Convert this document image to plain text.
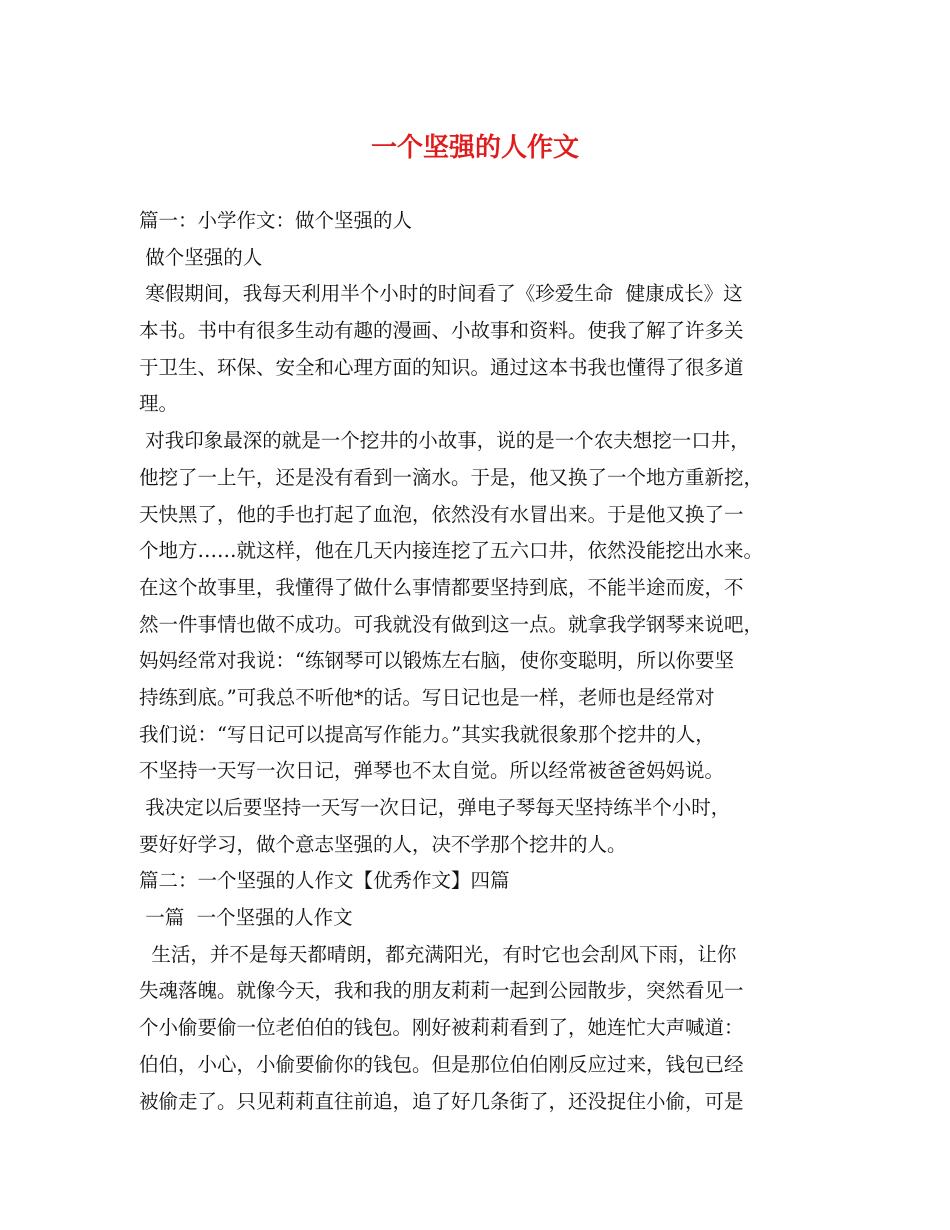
一个坚强的人作文
篇一：小学作文：做个坚强的人
做个坚强的人
寒假期间，我每天利用半个小时的时间看了《珍爱生命  健康成长》这
本书。书中有很多生动有趣的漫画、小故事和资料。使我了解了许多关
于卫生、环保、安全和心理方面的知识。通过这本书我也懂得了很多道
理。
对我印象最深的就是一个挖井的小故事，说的是一个农夫想挖一口井，
他挖了一上午，还是没有看到一滴水。于是，他又换了一个地方重新挖，
天快黑了，他的手也打起了血泡，依然没有水冒出来。于是他又换了一
个地方……就这样，他在几天内接连挖了五六口井，依然没能挖出水来。
在这个故事里，我懂得了做什么事情都要坚持到底，不能半途而废，不
然一件事情也做不成功。可我就没有做到这一点。就拿我学钢琴来说吧，
妈妈经常对我说：“练钢琴可以锻炼左右脑，使你变聪明，所以你要坚
持练到底。”可我总不听他*的话。写日记也是一样，老师也是经常对
我们说：“写日记可以提高写作能力。”其实我就很象那个挖井的人，
不坚持一天写一次日记，弹琴也不太自觉。所以经常被爸爸妈妈说。
我决定以后要坚持一天写一次日记，弹电子琴每天坚持练半个小时，
要好好学习，做个意志坚强的人，决不学那个挖井的人。
篇二：一个坚强的人作文【优秀作文】四篇
一篇  一个坚强的人作文
生活，并不是每天都晴朗，都充满阳光，有时它也会刮风下雨，让你
失魂落魄。就像今天，我和我的朋友莉莉一起到公园散步，突然看见一
个小偷要偷一位老伯伯的钱包。刚好被莉莉看到了，她连忙大声喊道：
伯伯，小心，小偷要偷你的钱包。但是那位伯伯刚反应过来，钱包已经
被偷走了。只见莉莉直往前追，追了好几条街了，还没捉住小偷，可是
